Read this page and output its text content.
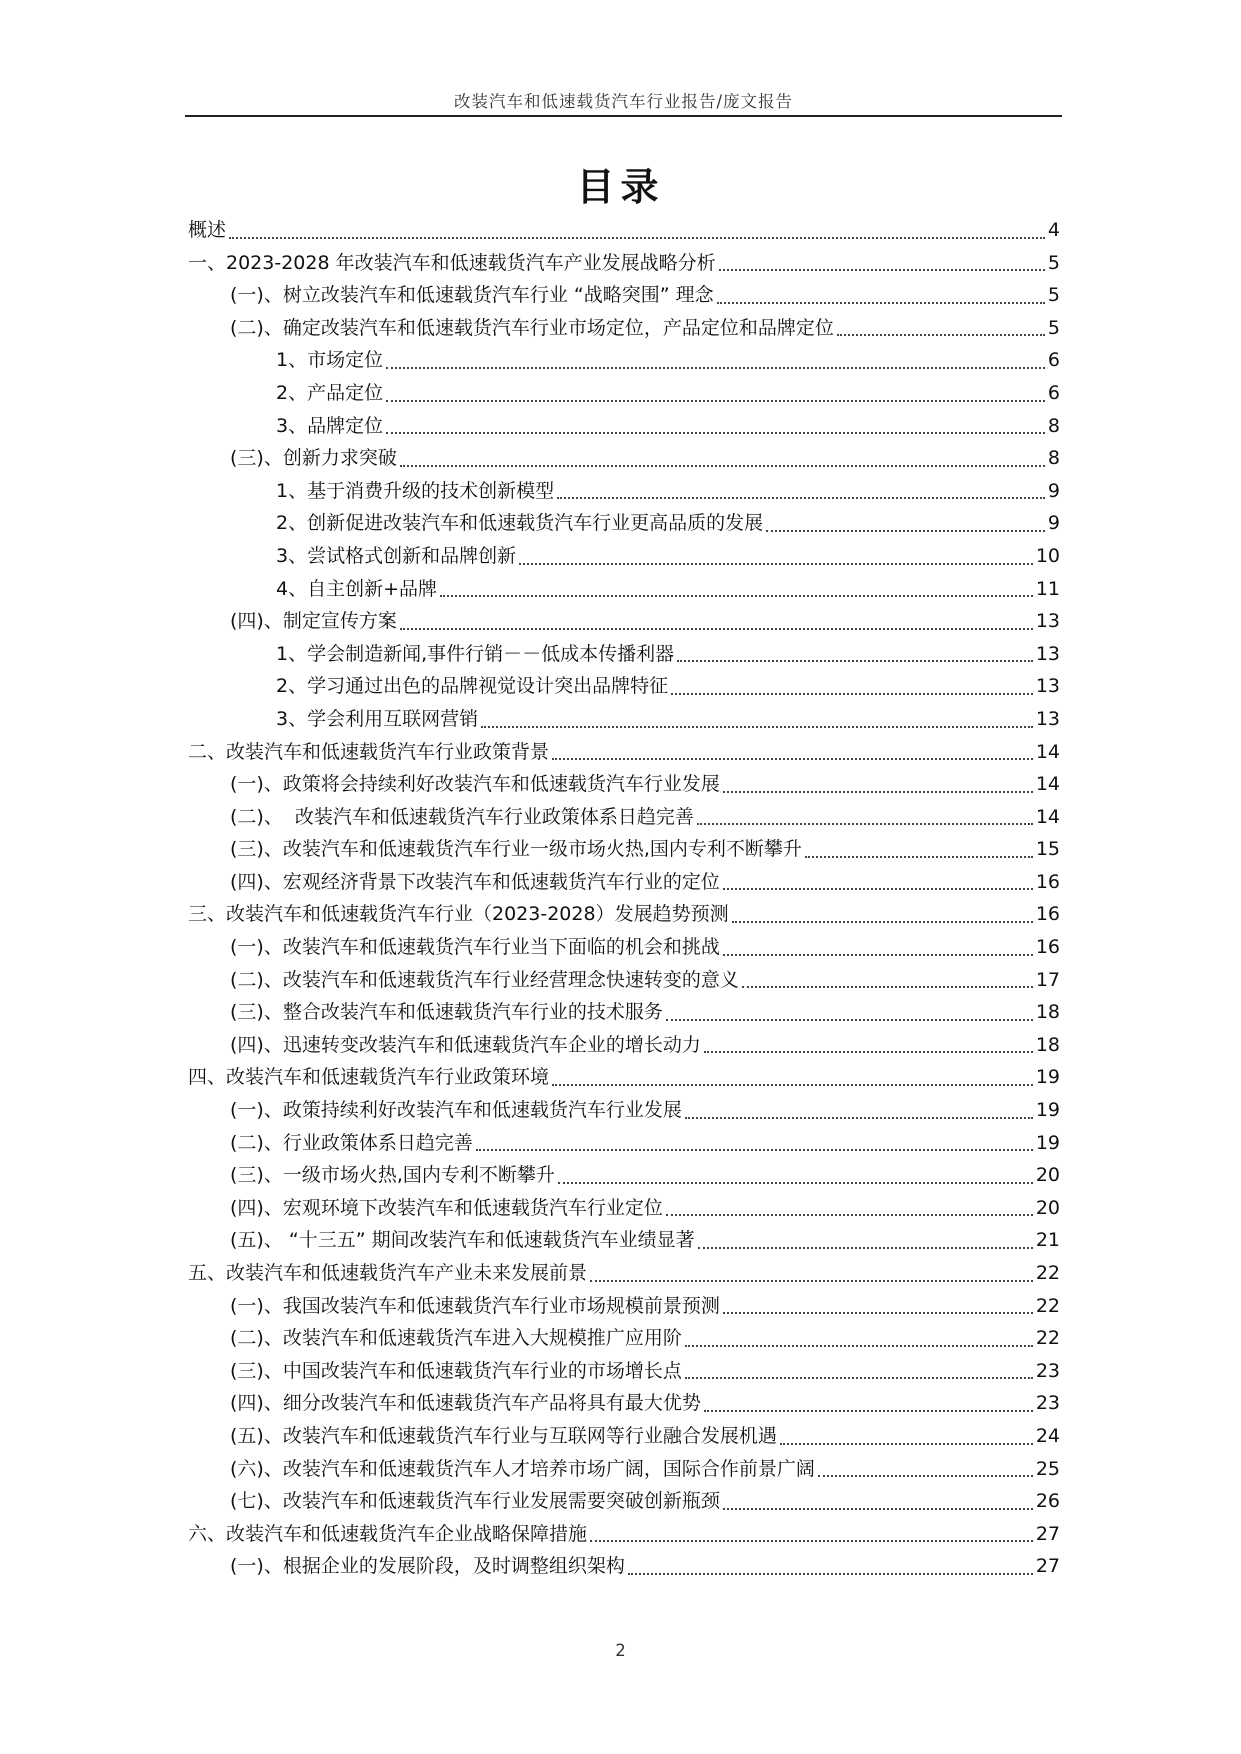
改装汽车和低速载货汽车行业报告/庞文报告
目录
概述	4
一、2023-2028 年改装汽车和低速载货汽车产业发展战略分析	5
(一)、树立改装汽车和低速载货汽车行业 “战略突围” 理念	5
(二)、确定改装汽车和低速载货汽车行业市场定位，产品定位和品牌定位	5
1、市场定位	6
2、产品定位	6
3、品牌定位	8
(三)、创新力求突破	8
1、基于消费升级的技术创新模型	9
2、创新促进改装汽车和低速载货汽车行业更高品质的发展	9
3、尝试格式创新和品牌创新	10
4、自主创新+品牌	11
(四)、制定宣传方案	13
1、学会制造新闻,事件行销－－低成本传播利器	13
2、学习通过出色的品牌视觉设计突出品牌特征	13
3、学会利用互联网营销	13
二、改装汽车和低速载货汽车行业政策背景	14
(一)、政策将会持续利好改装汽车和低速载货汽车行业发展	14
(二)、  改装汽车和低速载货汽车行业政策体系日趋完善	14
(三)、改装汽车和低速载货汽车行业一级市场火热,国内专利不断攀升	15
(四)、宏观经济背景下改装汽车和低速载货汽车行业的定位	16
三、改装汽车和低速载货汽车行业（2023-2028）发展趋势预测	16
(一)、改装汽车和低速载货汽车行业当下面临的机会和挑战	16
(二)、改装汽车和低速载货汽车行业经营理念快速转变的意义	17
(三)、整合改装汽车和低速载货汽车行业的技术服务	18
(四)、迅速转变改装汽车和低速载货汽车企业的增长动力	18
四、改装汽车和低速载货汽车行业政策环境	19
(一)、政策持续利好改装汽车和低速载货汽车行业发展	19
(二)、行业政策体系日趋完善	19
(三)、一级市场火热,国内专利不断攀升	20
(四)、宏观环境下改装汽车和低速载货汽车行业定位	20
(五)、 “十三五” 期间改装汽车和低速载货汽车业绩显著	21
五、改装汽车和低速载货汽车产业未来发展前景	22
(一)、我国改装汽车和低速载货汽车行业市场规模前景预测	22
(二)、改装汽车和低速载货汽车进入大规模推广应用阶	22
(三)、中国改装汽车和低速载货汽车行业的市场增长点	23
(四)、细分改装汽车和低速载货汽车产品将具有最大优势	23
(五)、改装汽车和低速载货汽车行业与互联网等行业融合发展机遇	24
(六)、改装汽车和低速载货汽车人才培养市场广阔，国际合作前景广阔	25
(七)、改装汽车和低速载货汽车行业发展需要突破创新瓶颈	26
六、改装汽车和低速载货汽车企业战略保障措施	27
(一)、根据企业的发展阶段，及时调整组织架构	27
2
